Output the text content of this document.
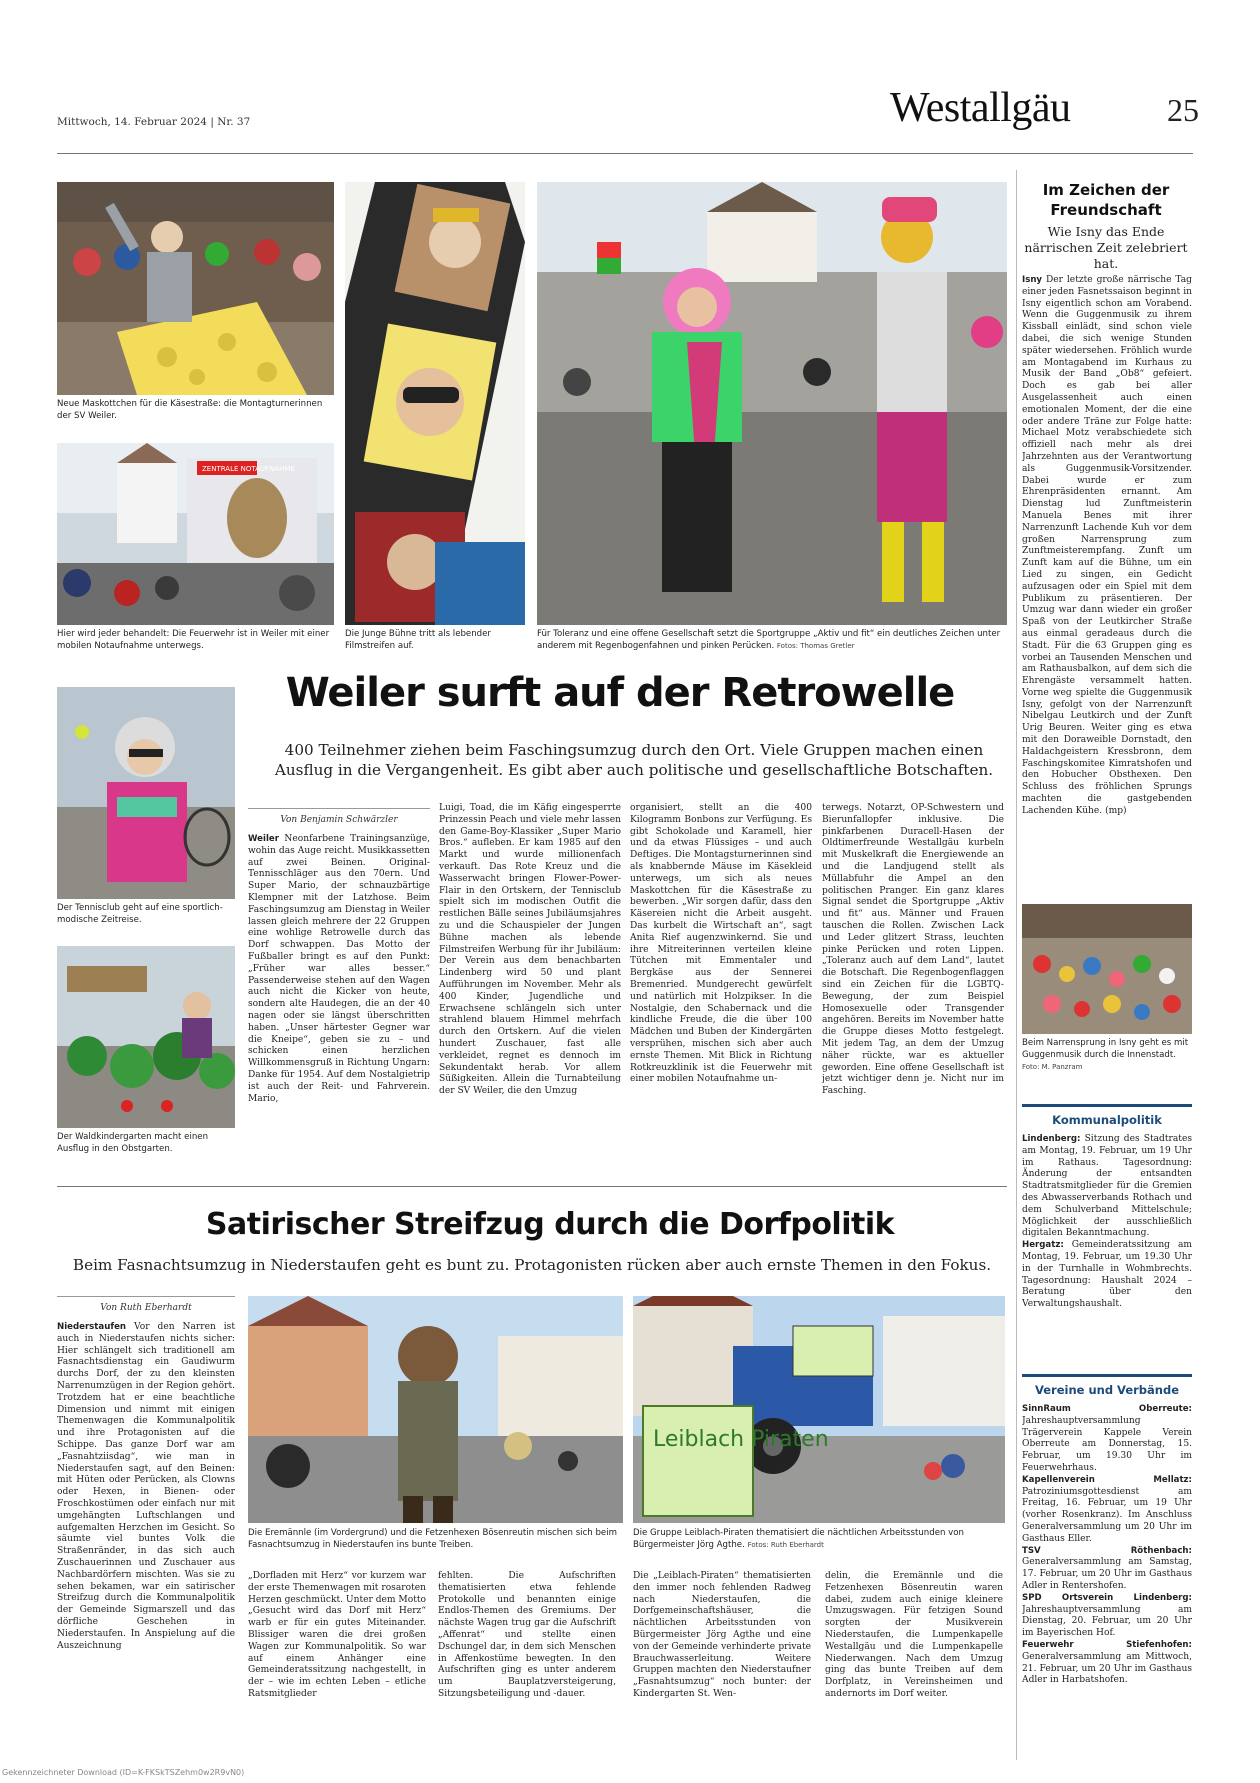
Mittwoch, 14. Februar 2024 | Nr. 37	Westallgäu	25
Neue Maskottchen für die Käsestraße: die Montagturnerinnen der SV Weiler.
ZENTRALE NOTAUFNAHME
Hier wird jeder behandelt: Die Feuerwehr ist in Weiler mit einer mobilen Notaufnahme unterwegs.
Die Junge Bühne tritt als lebender Filmstreifen auf.
Für Toleranz und eine offene Gesellschaft setzt die Sportgruppe „Aktiv und fit“ ein deutliches Zeichen unter anderem mit Regenbogenfahnen und pinken Perücken. Fotos: Thomas Gretler
Weiler surft auf der Retrowelle
400 Teilnehmer ziehen beim Faschingsumzug durch den Ort. Viele Gruppen machen einen Ausflug in die Vergangenheit. Es gibt aber auch politische und gesellschaftliche Botschaften.
Der Tennisclub geht auf eine sportlich-modische Zeitreise.
Der Waldkindergarten macht einen Ausflug in den Obstgarten.
Von Benjamin Schwärzler
Weiler Neonfarbene Trainingsanzüge, wohin das Auge reicht. Musikkassetten auf zwei Beinen. Original-Tennisschläger aus den 70ern. Und Super Mario, der schnauzbärtige Klempner mit der Latzhose. Beim Faschingsumzug am Dienstag in Weiler lassen gleich mehrere der 22 Gruppen eine wohlige Retrowelle durch das Dorf schwappen. Das Motto der Fußballer bringt es auf den Punkt: „Früher war alles besser.“ Passenderweise stehen auf den Wagen auch nicht die Kicker von heute, sondern alte Haudegen, die an der 40 nagen oder sie längst überschritten haben. „Unser härtester Gegner war die Kneipe“, geben sie zu – und schicken einen herzlichen Willkommensgruß in Richtung Ungarn: Danke für 1954. Auf dem Nostalgietrip ist auch der Reit- und Fahrverein. Mario,
Luigi, Toad, die im Käfig eingesperrte Prinzessin Peach und viele mehr lassen den Game-Boy-Klassiker „Super Mario Bros.“ aufleben. Er kam 1985 auf den Markt und wurde millionenfach verkauft. Das Rote Kreuz und die Wasserwacht bringen Flower-Power-Flair in den Ortskern, der Tennisclub spielt sich im modischen Outfit die restlichen Bälle seines Jubiläumsjahres zu und die Schauspieler der Jungen Bühne machen als lebende Filmstreifen Werbung für ihr Jubiläum: Der Verein aus dem benachbarten Lindenberg wird 50 und plant Aufführungen im November. Mehr als 400 Kinder, Jugendliche und Erwachsene schlängeln sich unter strahlend blauem Himmel mehrfach durch den Ortskern. Auf die vielen hundert Zuschauer, fast alle verkleidet, regnet es dennoch im Sekundentakt herab. Vor allem Süßigkeiten. Allein die Turnabteilung der SV Weiler, die den Umzug
organisiert, stellt an die 400 Kilogramm Bonbons zur Verfügung. Es gibt Schokolade und Karamell, hier und da etwas Flüssiges – und auch Deftiges. Die Montagsturnerinnen sind als knabbernde Mäuse im Käsekleid unterwegs, um sich als neues Maskottchen für die Käsestraße zu bewerben. „Wir sorgen dafür, dass den Käsereien nicht die Arbeit ausgeht. Das kurbelt die Wirtschaft an“, sagt Anita Rief augenzwinkernd. Sie und ihre Mitreiterinnen verteilen kleine Tütchen mit Emmentaler und Bergkäse aus der Sennerei Bremenried. Mundgerecht gewürfelt und natürlich mit Holzpikser. In die Nostalgie, den Schabernack und die kindliche Freude, die die über 100 Mädchen und Buben der Kindergärten versprühen, mischen sich aber auch ernste Themen. Mit Blick in Richtung Rotkreuzklinik ist die Feuerwehr mit einer mobilen Notaufnahme un-
terwegs. Notarzt, OP-Schwestern und Bierunfallopfer inklusive. Die pinkfarbenen Duracell-Hasen der Oldtimerfreunde Westallgäu kurbeln mit Muskelkraft die Energiewende an und die Landjugend stellt als Müllabfuhr die Ampel an den politischen Pranger. Ein ganz klares Signal sendet die Sportgruppe „Aktiv und fit“ aus. Männer und Frauen tauschen die Rollen. Zwischen Lack und Leder glitzert Strass, leuchten pinke Perücken und roten Lippen. „Toleranz auch auf dem Land“, lautet die Botschaft. Die Regenbogenflaggen sind ein Zeichen für die LGBTQ-Bewegung, der zum Beispiel Homosexuelle oder Transgender angehören. Bereits im November hatte die Gruppe dieses Motto festgelegt. Mit jedem Tag, an dem der Umzug näher rückte, war es aktueller geworden. Eine offene Gesellschaft ist jetzt wichtiger denn je. Nicht nur im Fasching.
Satirischer Streifzug durch die Dorfpolitik
Beim Fasnachtsumzug in Niederstaufen geht es bunt zu. Protagonisten rücken aber auch ernste Themen in den Fokus.
Von Ruth Eberhardt
Niederstaufen Vor den Narren ist auch in Niederstaufen nichts sicher: Hier schlängelt sich traditionell am Fasnachtsdienstag ein Gaudiwurm durchs Dorf, der zu den kleinsten Narrenumzügen in der Region gehört. Trotzdem hat er eine beachtliche Dimension und nimmt mit einigen Themenwagen die Kommunalpolitik und ihre Protagonisten auf die Schippe. Das ganze Dorf war am „Fasnahtziisdag“, wie man in Niederstaufen sagt, auf den Beinen: mit Hüten oder Perücken, als Clowns oder Hexen, in Bienen- oder Froschkostümen oder einfach nur mit umgehängten Luftschlangen und aufgemalten Herzchen im Gesicht. So säumte viel buntes Volk die Straßenränder, in das sich auch Zuschauerinnen und Zuschauer aus Nachbardörfern mischten. Was sie zu sehen bekamen, war ein satirischer Streifzug durch die Kommunalpolitik der Gemeinde Sigmarszell und das dörfliche Geschehen in Niederstaufen. In Anspielung auf die Auszeichnung
Die Eremännle (im Vordergrund) und die Fetzenhexen Bösenreutin mischen sich beim Fasnachtsumzug in Niederstaufen ins bunte Treiben.
Leiblach Piraten
Die Gruppe Leiblach-Piraten thematisiert die nächtlichen Arbeitsstunden von Bürgermeister Jörg Agthe. Fotos: Ruth Eberhardt
„Dorfladen mit Herz“ vor kurzem war der erste Themenwagen mit rosaroten Herzen geschmückt. Unter dem Motto „Gesucht wird das Dorf mit Herz“ warb er für ein gutes Miteinander. Blissiger waren die drei großen Wagen zur Kommunalpolitik. So war auf einem Anhänger eine Gemeinderatssitzung nachgestellt, in der – wie im echten Leben – etliche Ratsmitglieder
fehlten. Die Aufschriften thematisierten etwa fehlende Protokolle und benannten einige Endlos-Themen des Gremiums. Der nächste Wagen trug gar die Aufschrift „Affenrat“ und stellte einen Dschungel dar, in dem sich Menschen in Affenkostüme bewegten. In den Aufschriften ging es unter anderem um Bauplatzversteigerung, Sitzungsbeteiligung und -dauer.
Die „Leiblach-Piraten“ thematisierten den immer noch fehlenden Radweg nach Niederstaufen, die Dorfgemeinschaftshäuser, die nächtlichen Arbeitsstunden von Bürgermeister Jörg Agthe und eine von der Gemeinde verhinderte private Brauchwasserleitung. Weitere Gruppen machten den Niederstaufner „Fasnahtsumzug“ noch bunter: der Kindergarten St. Wen-
delin, die Eremännle und die Fetzenhexen Bösenreutin waren dabei, zudem auch einige kleinere Umzugswagen. Für fetzigen Sound sorgten der Musikverein Niederstaufen, die Lumpenkapelle Westallgäu und die Lumpenkapelle Niederwangen. Nach dem Umzug ging das bunte Treiben auf dem Dorfplatz, in Vereinsheimen und andernorts im Dorf weiter.
Im Zeichen der Freundschaft
Wie Isny das Ende närrischen Zeit zelebriert hat.
Isny Der letzte große närrische Tag einer jeden Fasnetssaison beginnt in Isny eigentlich schon am Vorabend. Wenn die Guggenmusik zu ihrem Kissball einlädt, sind schon viele dabei, die sich wenige Stunden später wiedersehen. Fröhlich wurde am Montagabend im Kurhaus zu Musik der Band „Ob8“ gefeiert. Doch es gab bei aller Ausgelassenheit auch einen emotionalen Moment, der die eine oder andere Träne zur Folge hatte: Michael Motz verabschiedete sich offiziell nach mehr als drei Jahrzehnten aus der Verantwortung als Guggenmusik-Vorsitzender. Dabei wurde er zum Ehrenpräsidenten ernannt. Am Dienstag lud Zunftmeisterin Manuela Benes mit ihrer Narrenzunft Lachende Kuh vor dem großen Narrensprung zum Zunftmeisterempfang. Zunft um Zunft kam auf die Bühne, um ein Lied zu singen, ein Gedicht aufzusagen oder ein Spiel mit dem Publikum zu präsentieren. Der Umzug war dann wieder ein großer Spaß von der Leutkircher Straße aus einmal geradeaus durch die Stadt. Für die 63 Gruppen ging es vorbei an Tausenden Menschen und am Rathausbalkon, auf dem sich die Ehrengäste versammelt hatten. Vorne weg spielte die Guggenmusik Isny, gefolgt von der Narrenzunft Nibelgau Leutkirch und der Zunft Urig Beuren. Weiter ging es etwa mit den Doraweible Dornstadt, den Haldachgeistern Kressbronn, dem Faschingskomitee Kimratshofen und den Hobucher Obsthexen. Den Schluss des fröhlichen Sprungs machten die gastgebenden Lachenden Kühe. (mp)
Beim Narrensprung in Isny geht es mit Guggenmusik durch die Innenstadt. Foto: M. Panzram
Kommunalpolitik
Lindenberg: Sitzung des Stadtrates am Montag, 19. Februar, um 19 Uhr im Rathaus. Tagesordnung: Änderung der entsandten Stadtratsmitglieder für die Gremien des Abwasserverbands Rothach und dem Schulverband Mittelschule; Möglichkeit der ausschließlich digitalen Bekanntmachung.
Hergatz: Gemeinderatssitzung am Montag, 19. Februar, um 19.30 Uhr in der Turnhalle in Wohmbrechts. Tagesordnung: Haushalt 2024 – Beratung über den Verwaltungshaushalt.
Vereine und Verbände
SinnRaum Oberreute: Jahreshauptversammlung Trägerverein Kappele Verein Oberreute am Donnerstag, 15. Februar, um 19.30 Uhr im Feuerwehrhaus.
Kapellenverein Mellatz: Patroziniumsgottesdienst am Freitag, 16. Februar, um 19 Uhr (vorher Rosenkranz). Im Anschluss Generalversammlung um 20 Uhr im Gasthaus Eller.
TSV Röthenbach: Generalversammlung am Samstag, 17. Februar, um 20 Uhr im Gasthaus Adler in Rentershofen.
SPD Ortsverein Lindenberg: Jahreshauptversammlung am Dienstag, 20. Februar, um 20 Uhr im Bayerischen Hof.
Feuerwehr Stiefenhofen: Generalversammlung am Mittwoch, 21. Februar, um 20 Uhr im Gasthaus Adler in Harbatshofen.
Gekennzeichneter Download (ID=K-FKSkTSZehm0w2R9vN0)
